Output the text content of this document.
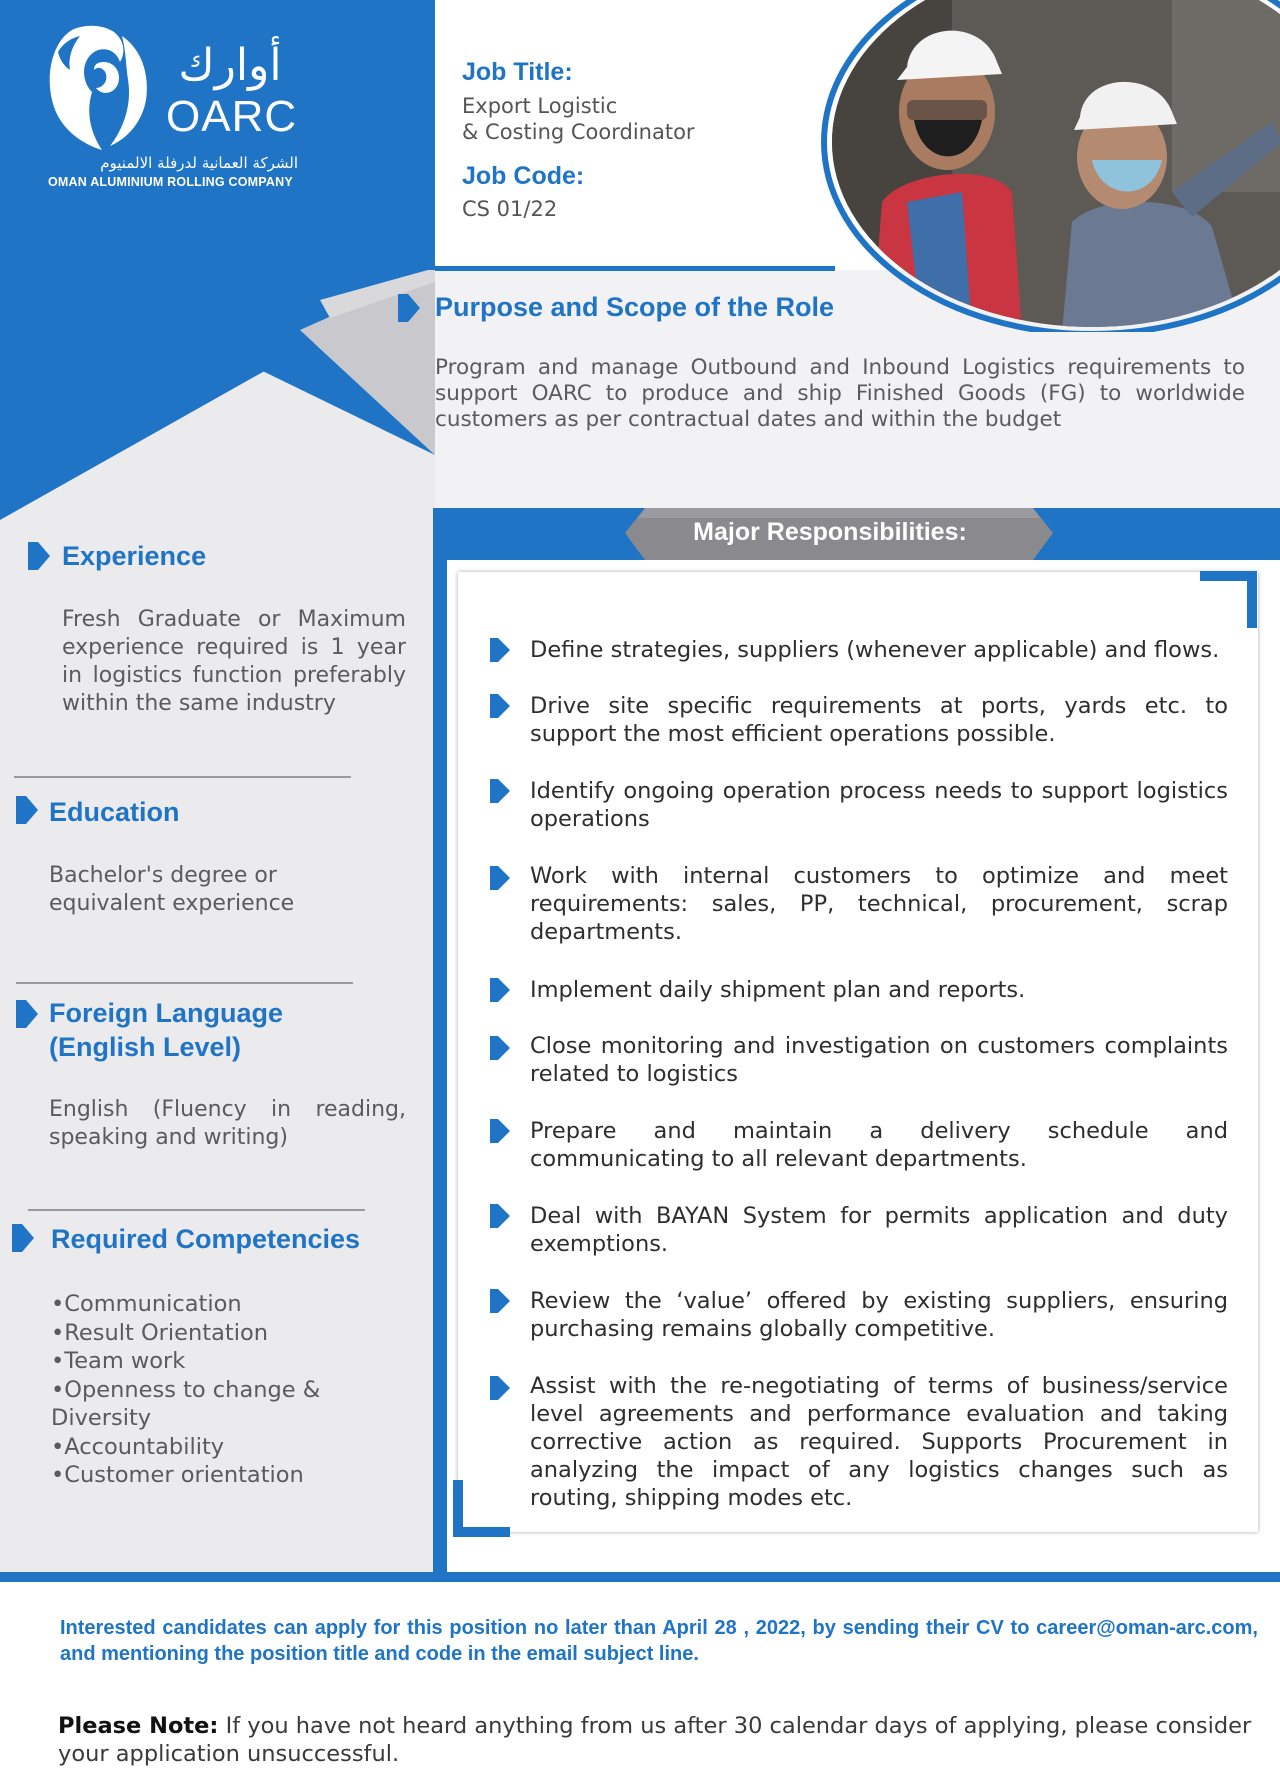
أوارك
OARC
الشركة العمانية لدرفلة الالمنيوم
OMAN ALUMINIUM ROLLING COMPANY
Job Title:
Export Logistic
& Costing Coordinator
Job Code:
CS 01/22
Purpose and Scope of the Role
Program and manage Outbound and Inbound Logistics requirements to support OARC to produce and ship Finished Goods (FG) to worldwide customers as per contractual dates and within the budget
Experience
Fresh Graduate or Maximum experience required is 1 year in logistics function preferably within the same industry
Education
Bachelor's degree or
equivalent experience
Foreign Language
(English Level)
English (Fluency in reading, speaking and writing)
Required Competencies
•Communication
•Result Orientation
•Team work
•Openness to change & Diversity
•Accountability
•Customer orientation
Major Responsibilities:
Define strategies, suppliers (whenever applicable) and flows.
Drive site specific requirements at ports, yards etc. to support the most efficient operations possible.
Identify ongoing operation process needs to support logistics operations
Work with internal customers to optimize and meet requirements: sales, PP, technical, procurement, scrap departments.
Implement daily shipment plan and reports.
Close monitoring and investigation on customers complaints related to logistics
Prepare and maintain a delivery schedule and communicating to all relevant departments.
Deal with BAYAN System for permits application and duty exemptions.
Review the ‘value’ offered by existing suppliers, ensuring purchasing remains globally competitive.
Assist with the re-negotiating of terms of business/service level agreements and performance evaluation and taking corrective action as required. Supports Procurement in analyzing the impact of any logistics changes such as routing, shipping modes etc.
Interested candidates can apply for this position no later than April 28 , 2022, by sending their CV to career@oman-arc.com, and mentioning the position title and code in the email subject line.
Please Note: If you have not heard anything from us after 30 calendar days of applying, please consider your application unsuccessful.
